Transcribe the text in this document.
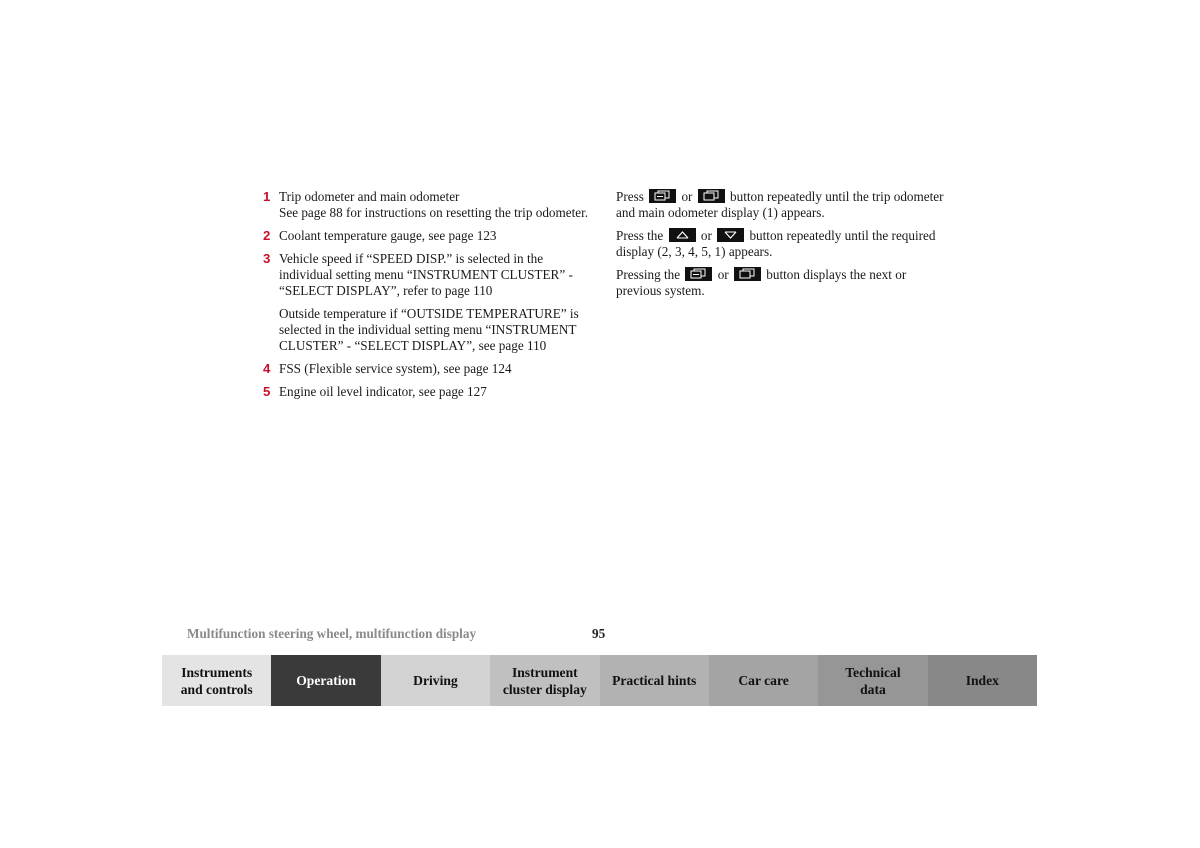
1 Trip odometer and main odometer

See page 88 for instructions on resetting the trip odometer.

2 Coolant temperature gauge, see page 123

3 Vehicle speed if “SPEED DISP.” is selected in the individual setting menu “INSTRUMENT CLUSTER” - “SELECT DISPLAY”, refer to page 110

Outside temperature if “OUTSIDE TEMPERATURE” is selected in the individual setting menu “INSTRUMENT CLUSTER” - “SELECT DISPLAY”, see page 110

4 FSS (Flexible service system), see page 124

5 Engine oil level indicator, see page 127

Press	or	button repeatedly until the trip odometer and main odometer display (1) appears.

Press the	or	button repeatedly until the required display (2, 3, 4, 5, 1) appears.

Pressing the	or	button displays the next or previous system.

Multifunction steering wheel, multifunction display	95
Instruments and controls
Operation	Driving
Instrument cluster display
Practical hints	Car care
Technical data
Index
